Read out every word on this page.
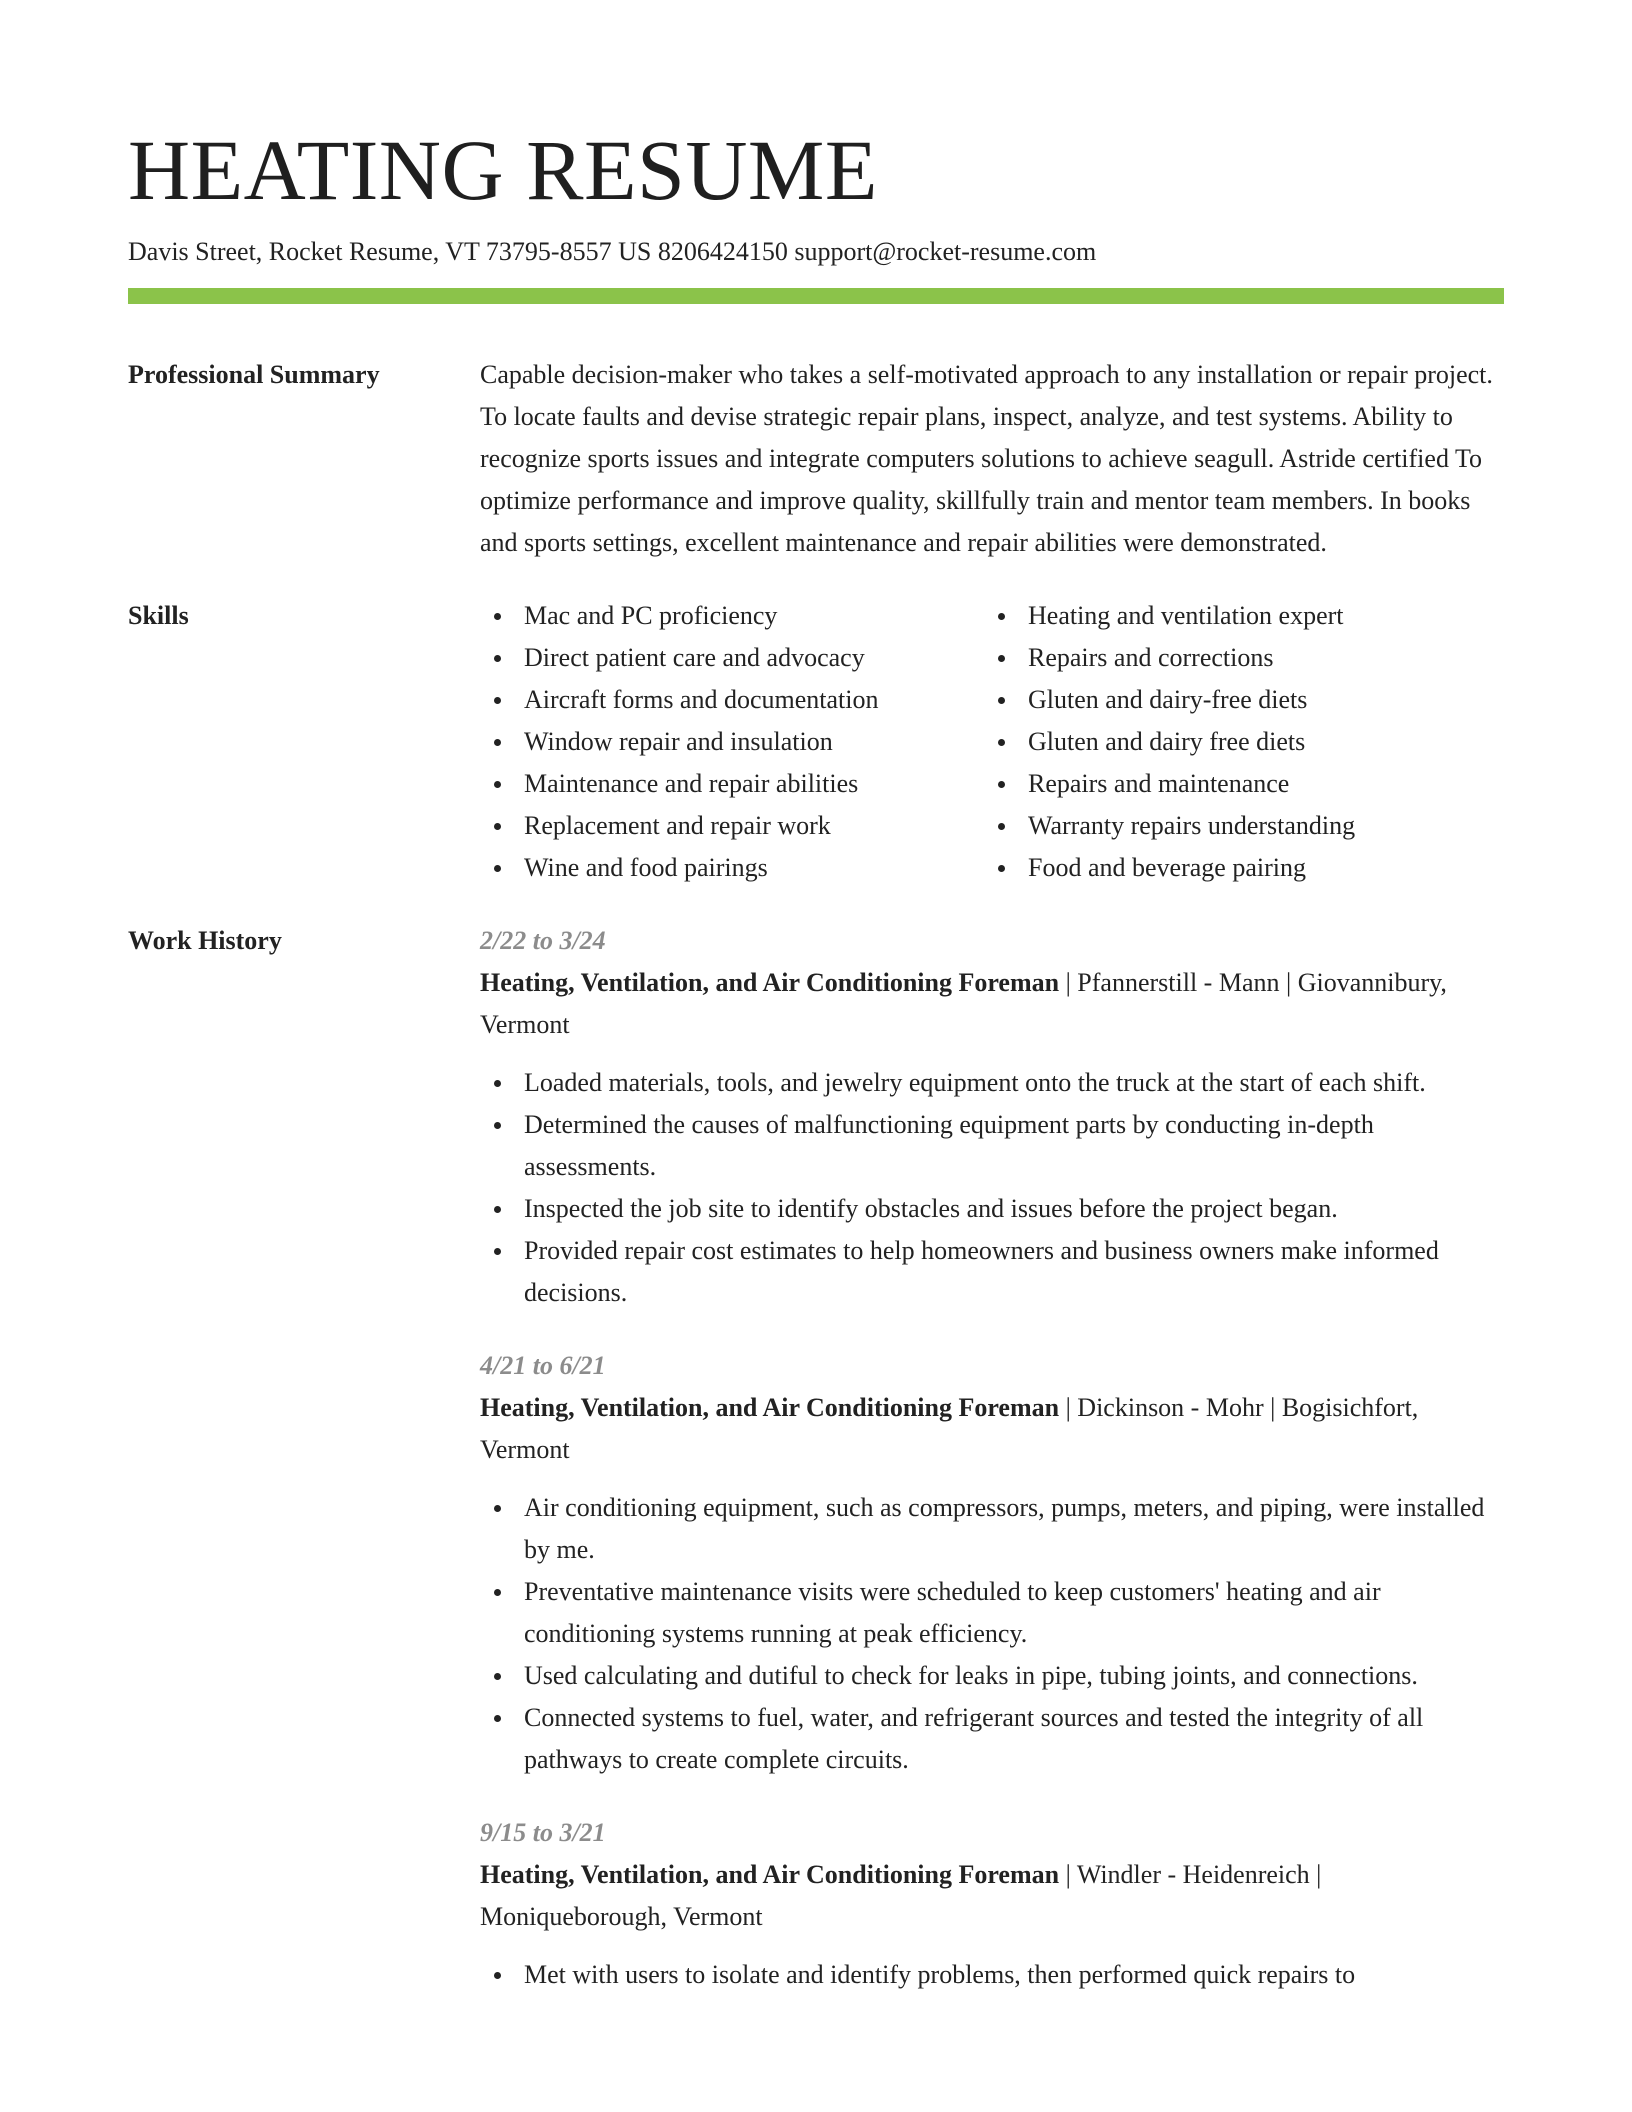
HEATING RESUME
Davis Street, Rocket Resume, VT 73795-8557 US 8206424150 support@rocket-resume.com
Professional Summary	Capable decision-maker who takes a self-motivated approach to any installation or repair project. To locate faults and devise strategic repair plans, inspect, analyze, and test systems. Ability to recognize sports issues and integrate computers solutions to achieve seagull. Astride certified To optimize performance and improve quality, skillfully train and mentor team members. In books and sports settings, excellent maintenance and repair abilities were demonstrated.

Skills	Mac and PC proficiency
Direct patient care and advocacy
Aircraft forms and documentation
Window repair and insulation
Maintenance and repair abilities
Replacement and repair work
Wine and food pairings
Heating and ventilation expert
Repairs and corrections
Gluten and dairy-free diets
Gluten and dairy free diets
Repairs and maintenance
Warranty repairs understanding
Food and beverage pairing
Work History	2/22 to 3/24
Heating, Ventilation, and Air Conditioning Foreman | Pfannerstill - Mann | Giovannibury, Vermont
Loaded materials, tools, and jewelry equipment onto the truck at the start of each shift.
Determined the causes of malfunctioning equipment parts by conducting in-depth assessments.
Inspected the job site to identify obstacles and issues before the project began.
Provided repair cost estimates to help homeowners and business owners make informed decisions.
4/21 to 6/21
Heating, Ventilation, and Air Conditioning Foreman | Dickinson - Mohr | Bogisichfort, Vermont
Air conditioning equipment, such as compressors, pumps, meters, and piping, were installed by me.
Preventative maintenance visits were scheduled to keep customers' heating and air conditioning systems running at peak efficiency.
Used calculating and dutiful to check for leaks in pipe, tubing joints, and connections.
Connected systems to fuel, water, and refrigerant sources and tested the integrity of all pathways to create complete circuits.
9/15 to 3/21
Heating, Ventilation, and Air Conditioning Foreman | Windler - Heidenreich | Moniqueborough, Vermont
Met with users to isolate and identify problems, then performed quick repairs to
